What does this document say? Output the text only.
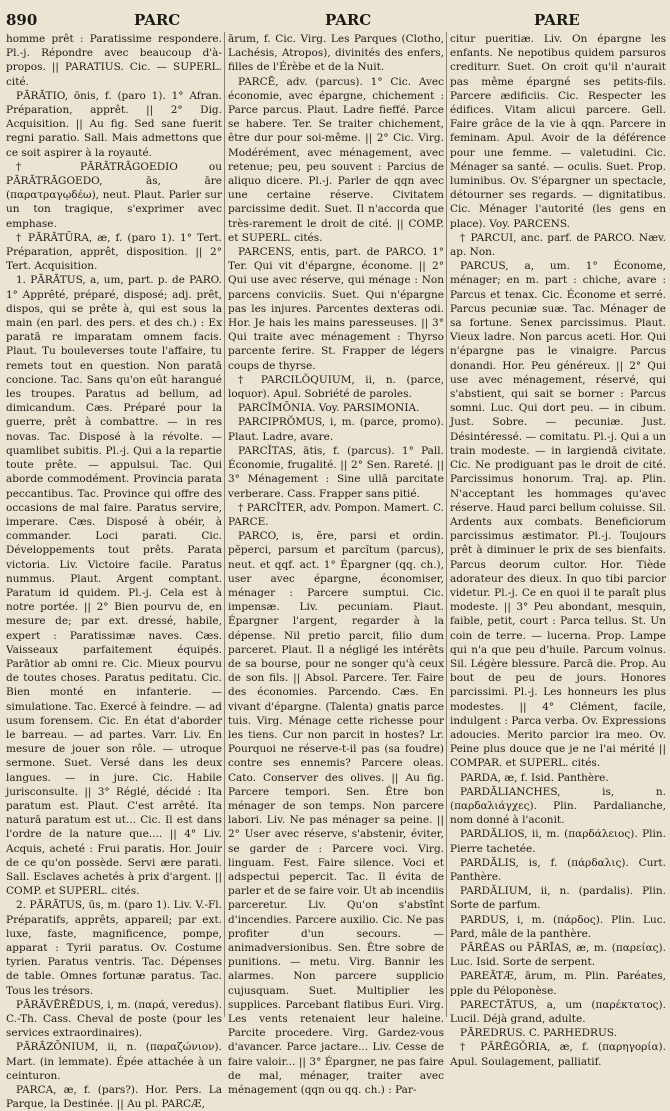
890	PARC	PARC	PARE

homme prêt : Paratissime respondere. Pl.-j. Répondre avec beaucoup d'à-propos. || PARATIUS. Cic. — SUPERL. cité.

PĀRĀTIO, ōnis, f. (paro 1). 1° Afran. Préparation, apprêt. || 2° Dig. Acquisition. || Au fig. Sed sane fuerit regni paratio. Sall. Mais admettons que ce soit aspirer à la royauté.

† PĀRĀTRĀGOEDIO ou PĀRĀTRĀGOEDO, ās, āre (παρατραγῳδέω), neut. Plaut. Parler sur un ton tragique, s'exprimer avec emphase.

† PĀRĀTŪRA, æ, f. (paro 1). 1° Tert. Préparation, apprêt, disposition. || 2° Tert. Acquisition.

1. PĀRĀTUS, a, um, part. p. de PARO. 1° Apprêté, préparé, disposé; adj. prêt, dispos, qui se prête à, qui est sous la main (en parl. des pers. et des ch.) : Ex paratā re imparatam omnem facis. Plaut. Tu bouleverses toute l'affaire, tu remets tout en question. Non paratā concione. Tac. Sans qu'on eût harangué les troupes. Paratus ad bellum, ad dimicandum. Cæs. Préparé pour la guerre, prêt à combattre. — in res novas. Tac. Disposé à la révolte. — quamlibet subitis. Pl.-j. Qui a la repartie toute prête. — appulsui. Tac. Qui aborde commodément. Provincia parata peccantibus. Tac. Province qui offre des occasions de mal faire. Paratus servire, imperare. Cæs. Disposé à obéir, à commander. Loci parati. Cic. Développements tout prêts. Parata victoria. Liv. Victoire facile. Paratus nummus. Plaut. Argent comptant. Paratum id quidem. Pl.-j. Cela est à notre portée. || 2° Bien pourvu de, en mesure de; par ext. dressé, habile, expert : Paratissimæ naves. Cæs. Vaisseaux parfaitement équipés. Parātior ab omni re. Cic. Mieux pourvu de toutes choses. Paratus peditatu. Cic. Bien monté en infanterie. — simulatione. Tac. Exercé à feindre. — ad usum forensem. Cic. En état d'aborder le barreau. — ad partes. Varr. Liv. En mesure de jouer son rôle. — utroque sermone. Suet. Versé dans les deux langues. — in jure. Cic. Habile jurisconsulte. || 3° Réglé, décidé : Ita paratum est. Plaut. C'est arrêté. Ita naturā paratum est ut... Cic. Il est dans l'ordre de la nature que.... || 4° Liv. Acquis, acheté : Frui paratis. Hor. Jouir de ce qu'on possède. Servi ære parati. Sall. Esclaves achetés à prix d'argent. || COMP. et SUPERL. cités.

2. PĀRĀTUS, ūs, m. (paro 1). Liv. V.-Fl. Préparatifs, apprêts, appareil; par ext. luxe, faste, magnificence, pompe, apparat : Tyrii paratus. Ov. Costume tyrien. Paratus ventris. Tac. Dépenses de table. Omnes fortunæ paratus. Tac. Tous les trésors.

PĀRĀVĒRĒDUS, i, m. (παρά, veredus). C.-Th. Cass. Cheval de poste (pour les services extraordinaires).

PĀRĀZŌNIUM, ii, n. (παραζώνιον). Mart. (in lemmate). Épée attachée à un ceinturon.

PARCA, æ, f. (pars?). Hor. Pers. La Parque, la Destinée. || Au pl. PARCÆ,

ārum, f. Cic. Virg. Les Parques (Clotho, Lachésis, Atropos), divinités des enfers, filles de l'Érèbe et de la Nuit.

PARCĒ, adv. (parcus). 1° Cic. Avec économie, avec épargne, chichement : Parce parcus. Plaut. Ladre fieffé. Parce se habere. Ter. Se traiter chichement, être dur pour soi-même. || 2° Cic. Virg. Modérément, avec ménagement, avec retenue; peu, peu souvent : Parcius de aliquo dicere. Pl.-j. Parler de qqn avec une certaine réserve. Civitatem parcissime dedit. Suet. Il n'accorda que très-rarement le droit de cité. || COMP. et SUPERL. cités.

PARCENS, entis, part. de PARCO. 1° Ter. Qui vit d'épargne, économe. || 2° Qui use avec réserve, qui ménage : Non parcens conviciis. Suet. Qui n'épargne pas les injures. Parcentes dexteras odi. Hor. Je hais les mains paresseuses. || 3° Qui traite avec ménagement : Thyrso parcente ferire. St. Frapper de légers coups de thyrse.

† PARCILŎQUIUM, ii, n. (parce, loquor). Apul. Sobriété de paroles.

PARCĬMŌNIA. Voy. PARSIMONIA.

PARCIPRŎMUS, i, m. (parce, promo). Plaut. Ladre, avare.

PARCĬTAS, ātis, f. (parcus). 1° Pall. Économie, frugalité. || 2° Sen. Rareté. || 3° Ménagement : Sine ullā parcitate verberare. Cass. Frapper sans pitié.

† PARCĬTER, adv. Pompon. Mamert. C. PARCE.

PARCO, is, ĕre, parsi et ordin. pĕperci, parsum et parcĭtum (parcus), neut. et qqf. act. 1° Épargner (qq. ch.), user avec épargne, économiser, ménager : Parcere sumptui. Cic. impensæ. Liv. pecuniam. Plaut. Épargner l'argent, regarder à la dépense. Nil pretio parcit, filio dum parceret. Plaut. Il a négligé les intérêts de sa bourse, pour ne songer qu'à ceux de son fils. || Absol. Parcere. Ter. Faire des économies. Parcendo. Cæs. En vivant d'épargne. (Talenta) gnatis parce tuis. Virg. Ménage cette richesse pour les tiens. Cur non parcit in hostes? Lr. Pourquoi ne réserve-t-il pas (sa foudre) contre ses ennemis? Parcere oleas. Cato. Conserver des olives. || Au fig. Parcere tempori. Sen. Être bon ménager de son temps. Non parcere labori. Liv. Ne pas ménager sa peine. || 2° User avec réserve, s'abstenir, éviter, se garder de : Parcere voci. Virg. linguam. Fest. Faire silence. Voci et adspectui pepercit. Tac. Il évita de parler et de se faire voir. Ut ab incendiis parceretur. Liv. Qu'on s'abstînt d'incendies. Parcere auxilio. Cic. Ne pas profiter d'un secours. — animadversionibus. Sen. Être sobre de punitions. — metu. Virg. Bannir les alarmes. Non parcere supplicio cujusquam. Suet. Multiplier les supplices. Parcebant flatibus Euri. Virg. Les vents retenaient leur haleine. Parcite procedere. Virg. Gardez-vous d'avancer. Parce jactare... Liv. Cesse de faire valoir... || 3° Épargner, ne pas faire de mal, ménager, traiter avec ménagement (qqn ou qq. ch.) : Par-

citur pueritiæ. Liv. On épargne les enfants. Ne nepotibus quidem parsuros crediturr. Suet. On croit qu'il n'aurait pas même épargné ses petits-fils. Parcere ædificiis. Cic. Respecter les édifices. Vitam alicui parcere. Gell. Faire grâce de la vie à qqn. Parcere in feminam. Apul. Avoir de la déférence pour une femme. — valetudini. Cic. Ménager sa santé. — oculis. Suet. Prop. luminibus. Ov. S'épargner un spectacle, détourner ses regards. — dignitatibus. Cic. Ménager l'autorité (les gens en place). Voy. PARCENS.

† PARCUI, anc. parf. de PARCO. Næv. ap. Non.

PARCUS, a, um. 1° Économe, ménager; en m. part : chiche, avare : Parcus et tenax. Cic. Économe et serré. Parcus pecuniæ suæ. Tac. Ménager de sa fortune. Senex parcissimus. Plaut. Vieux ladre. Non parcus aceti. Hor. Qui n'épargne pas le vinaigre. Parcus donandi. Hor. Peu généreux. || 2° Qui use avec ménagement, réservé, qui s'abstient, qui sait se borner : Parcus somni. Luc. Qui dort peu. — in cibum. Just. Sobre. — pecuniæ. Just. Désintéressé. — comitatu. Pl.-j. Qui a un train modeste. — in largiendā civitate. Cic. Ne prodiguant pas le droit de cité. Parcissimus honorum. Traj. ap. Plin. N'acceptant les hommages qu'avec réserve. Haud parci bellum coluisse. Sil. Ardents aux combats. Beneficiorum parcissimus æstimator. Pl.-j. Toujours prêt à diminuer le prix de ses bienfaits. Parcus deorum cultor. Hor. Tiède adorateur des dieux. In quo tibi parcior videtur. Pl.-j. Ce en quoi il te paraît plus modeste. || 3° Peu abondant, mesquin, faible, petit, court : Parca tellus. St. Un coin de terre. — lucerna. Prop. Lampe qui n'a que peu d'huile. Parcum volnus. Sil. Légère blessure. Parcā die. Prop. Au bout de peu de jours. Honores parcissimi. Pl.-j. Les honneurs les plus modestes. || 4° Clément, facile, indulgent : Parca verba. Ov. Expressions adoucies. Merito parcior ira meo. Ov. Peine plus douce que je ne l'ai mérité || COMPAR. et SUPERL. cités.

PARDA, æ, f. Isid. Panthère.

PARDĂLIANCHES, is, n. (παρδαλιάγχες). Plin. Pardalianche, nom donné à l'aconit.

PARDĂLIOS, ii, m. (παρδάλειος). Plin. Pierre tachetée.

PARDĂLIS, is, f. (πάρδαλις). Curt. Panthère.

PARDĂLIUM, ii, n. (pardalis). Plin. Sorte de parfum.

PARDUS, i, m. (πάρδος). Plin. Luc. Pard, mâle de la panthère.

PĀRĔAS ou PĀRĪAS, æ, m. (παρείας). Luc. Isid. Sorte de serpent.

PAREĀTÆ, ārum, m. Plin. Paréates, pple du Péloponèse.

PARECTĀTUS, a, um (παρέκτατος). Lucil. Déjà grand, adulte.

PĀREDRUS. C. PARHEDRUS.

† PĀRĒGŎRIA, æ, f. (παρηγορία). Apul. Soulagement, palliatif.
